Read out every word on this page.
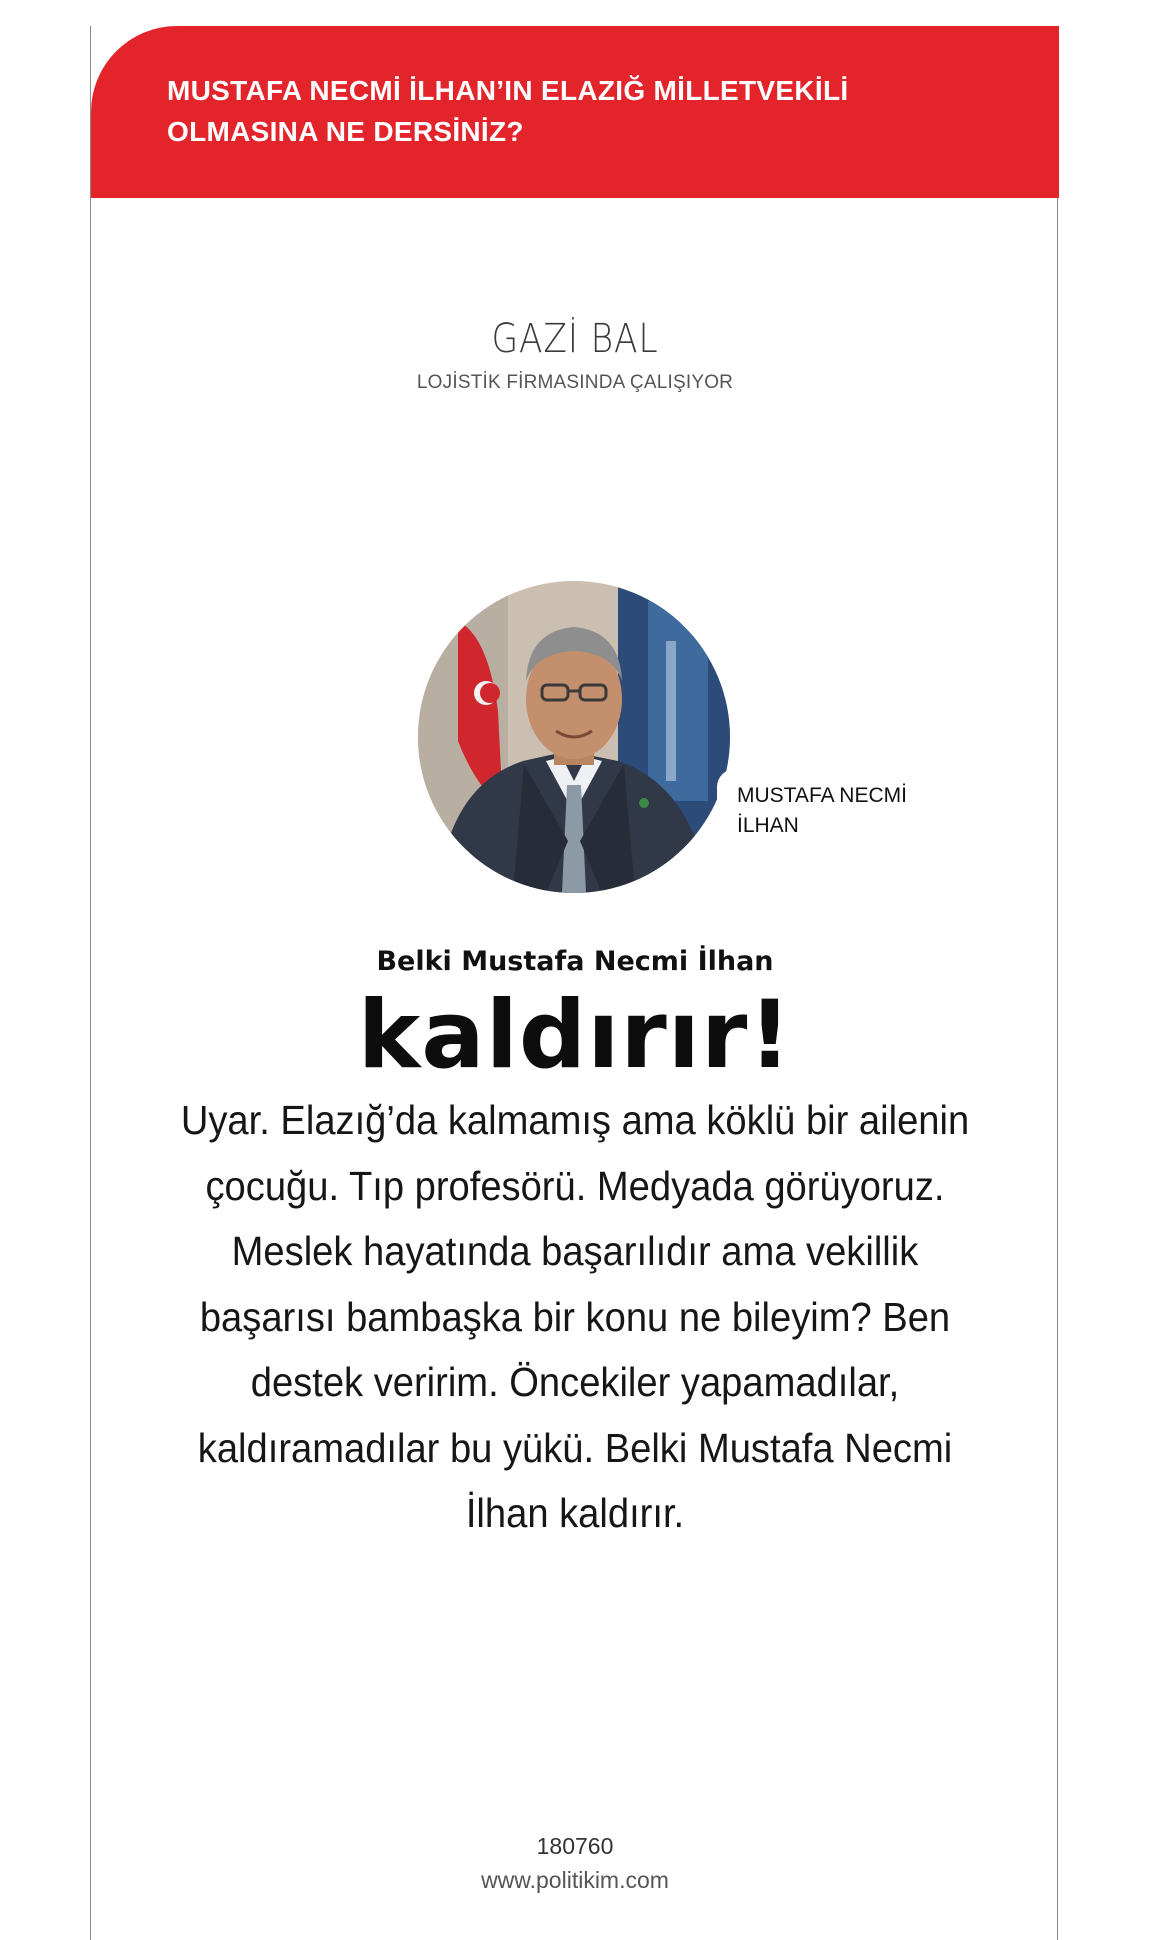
MUSTAFA NECMİ İLHAN’IN ELAZIĞ MİLLETVEKİLİ OLMASINA NE DERSİNİZ?
GAZİ BAL
LOJİSTİK FİRMASINDA ÇALIŞIYOR
MUSTAFA NECMİ
İLHAN
Belki Mustafa Necmi İlhan
kaldırır!

Uyar. Elazığ’da kalmamış ama köklü bir ailenin çocuğu. Tıp profesörü. Medyada görüyoruz. Meslek hayatında başarılıdır ama vekillik başarısı bambaşka bir konu ne bileyim? Ben destek veririm. Öncekiler yapamadılar, kaldıramadılar bu yükü. Belki Mustafa Necmi İlhan kaldırır.

180760
www.politikim.com
